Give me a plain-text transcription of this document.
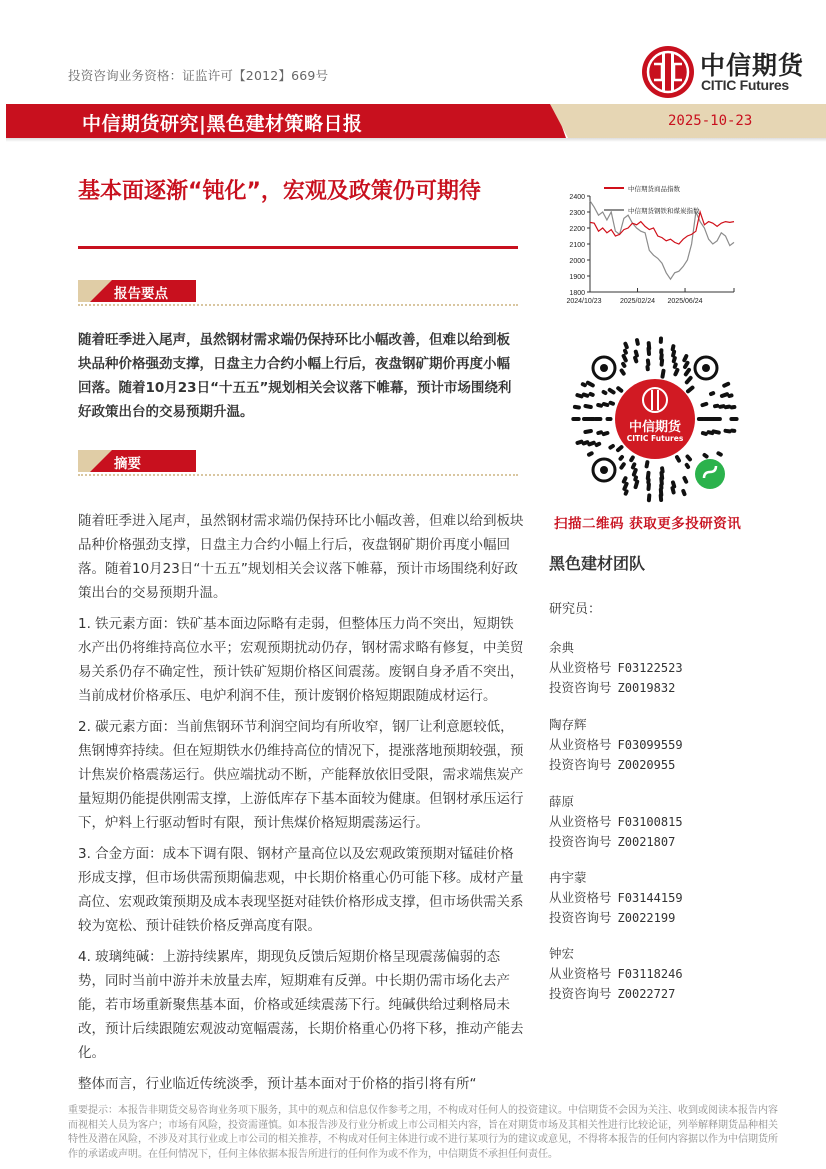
投资咨询业务资格：证监许可【2012】669号	中信期货
CITIC Futures
中信期货研究|黑色建材策略日报	2025-10-23
基本面逐渐“钝化”，宏观及政策仍可期待
报告要点
随着旺季进入尾声，虽然钢材需求端仍保持环比小幅改善，但难以给到板块品种价格强劲支撑，日盘主力合约小幅上行后，夜盘钢矿期价再度小幅回落。随着10月23日“十五五”规划相关会议落下帷幕，预计市场围绕利好政策出台的交易预期升温。
摘要

随着旺季进入尾声，虽然钢材需求端仍保持环比小幅改善，但难以给到板块品种价格强劲支撑，日盘主力合约小幅上行后，夜盘钢矿期价再度小幅回落。随着10月23日“十五五”规划相关会议落下帷幕，预计市场围绕利好政策出台的交易预期升温。

1. 铁元素方面：铁矿基本面边际略有走弱，但整体压力尚不突出，短期铁水产出仍将维持高位水平；宏观预期扰动仍存，钢材需求略有修复，中美贸易关系仍存不确定性，预计铁矿短期价格区间震荡。废钢自身矛盾不突出，当前成材价格承压、电炉利润不佳，预计废钢价格短期跟随成材运行。

2. 碳元素方面：当前焦钢环节利润空间均有所收窄，钢厂让利意愿较低，焦钢博弈持续。但在短期铁水仍维持高位的情况下，提涨落地预期较强，预计焦炭价格震荡运行。供应端扰动不断，产能释放依旧受限，需求端焦炭产量短期仍能提供刚需支撑，上游低库存下基本面较为健康。但钢材承压运行下，炉料上行驱动暂时有限，预计焦煤价格短期震荡运行。

3. 合金方面：成本下调有限、钢材产量高位以及宏观政策预期对锰硅价格形成支撑，但市场供需预期偏悲观，中长期价格重心仍可能下移。成材产量高位、宏观政策预期及成本表现坚挺对硅铁价格形成支撑，但市场供需关系较为宽松、预计硅铁价格反弹高度有限。

4. 玻璃纯碱：上游持续累库，期现负反馈后短期价格呈现震荡偏弱的态势，同时当前中游并未放量去库，短期难有反弹。中长期仍需市场化去产能，若市场重新聚焦基本面，价格或延续震荡下行。纯碱供给过剩格局未改，预计后续跟随宏观波动宽幅震荡，长期价格重心仍将下移，推动产能去化。

整体而言，行业临近传统淡季，预计基本面对于价格的指引将有所“

2400
2300
2200
2100
2000
1900
1800
2024/10/23	2025/02/24 2025/06/24
中信期货商品指数
中信期货钢铁和煤炭指数
中信期货
CITIC Futures
扫描二维码 获取更多投研资讯
黑色建材团队
研究员：
余典
从业资格号 F03122523
投资咨询号 Z0019832
陶存辉
从业资格号 F03099559
投资咨询号 Z0020955
薛原
从业资格号 F03100815
投资咨询号 Z0021807
冉宇蒙
从业资格号 F03144159
投资咨询号 Z0022199
钟宏
从业资格号 F03118246
投资咨询号 Z0022727
重要提示：本报告非期货交易咨询业务项下服务，其中的观点和信息仅作参考之用，不构成对任何人的投资建议。中信期货不会因为关注、收到或阅读本报告内容而视相关人员为客户；市场有风险，投资需谨慎。如本报告涉及行业分析或上市公司相关内容，旨在对期货市场及其相关性进行比较论证，列举解释期货品种相关特性及潜在风险，不涉及对其行业或上市公司的相关推荐，不构成对任何主体进行或不进行某项行为的建议或意见，不得将本报告的任何内容据以作为中信期货所作的承诺或声明。在任何情况下，任何主体依据本报告所进行的任何作为或不作为，中信期货不承担任何责任。
